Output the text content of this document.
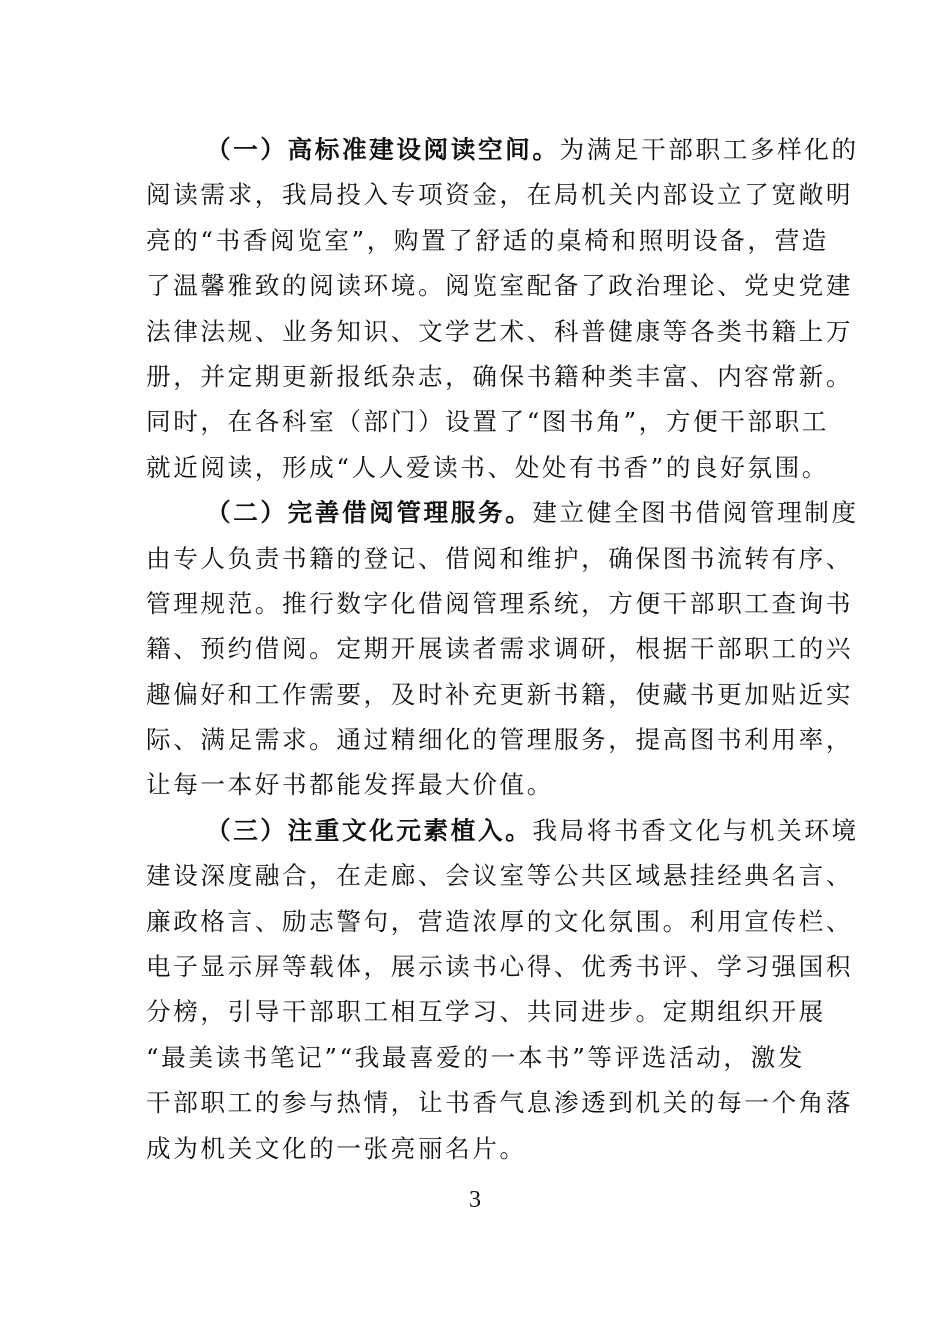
（一）高标准建设阅读空间。为满足干部职工多样化的
阅读需求，我局投入专项资金，在局机关内部设立了宽敞明
亮的“书香阅览室”，购置了舒适的桌椅和照明设备，营造
了温馨雅致的阅读环境。阅览室配备了政治理论、党史党建
法律法规、业务知识、文学艺术、科普健康等各类书籍上万
册，并定期更新报纸杂志，确保书籍种类丰富、内容常新。
同时，在各科室（部门）设置了“图书角”，方便干部职工
就近阅读，形成“人人爱读书、处处有书香”的良好氛围。
（二）完善借阅管理服务。建立健全图书借阅管理制度
由专人负责书籍的登记、借阅和维护，确保图书流转有序、
管理规范。推行数字化借阅管理系统，方便干部职工查询书
籍、预约借阅。定期开展读者需求调研，根据干部职工的兴
趣偏好和工作需要，及时补充更新书籍，使藏书更加贴近实
际、满足需求。通过精细化的管理服务，提高图书利用率，
让每一本好书都能发挥最大价值。
（三）注重文化元素植入。我局将书香文化与机关环境
建设深度融合，在走廊、会议室等公共区域悬挂经典名言、
廉政格言、励志警句，营造浓厚的文化氛围。利用宣传栏、
电子显示屏等载体，展示读书心得、优秀书评、学习强国积
分榜，引导干部职工相互学习、共同进步。定期组织开展
“最美读书笔记”“我最喜爱的一本书”等评选活动，激发
干部职工的参与热情，让书香气息渗透到机关的每一个角落
成为机关文化的一张亮丽名片。
3
